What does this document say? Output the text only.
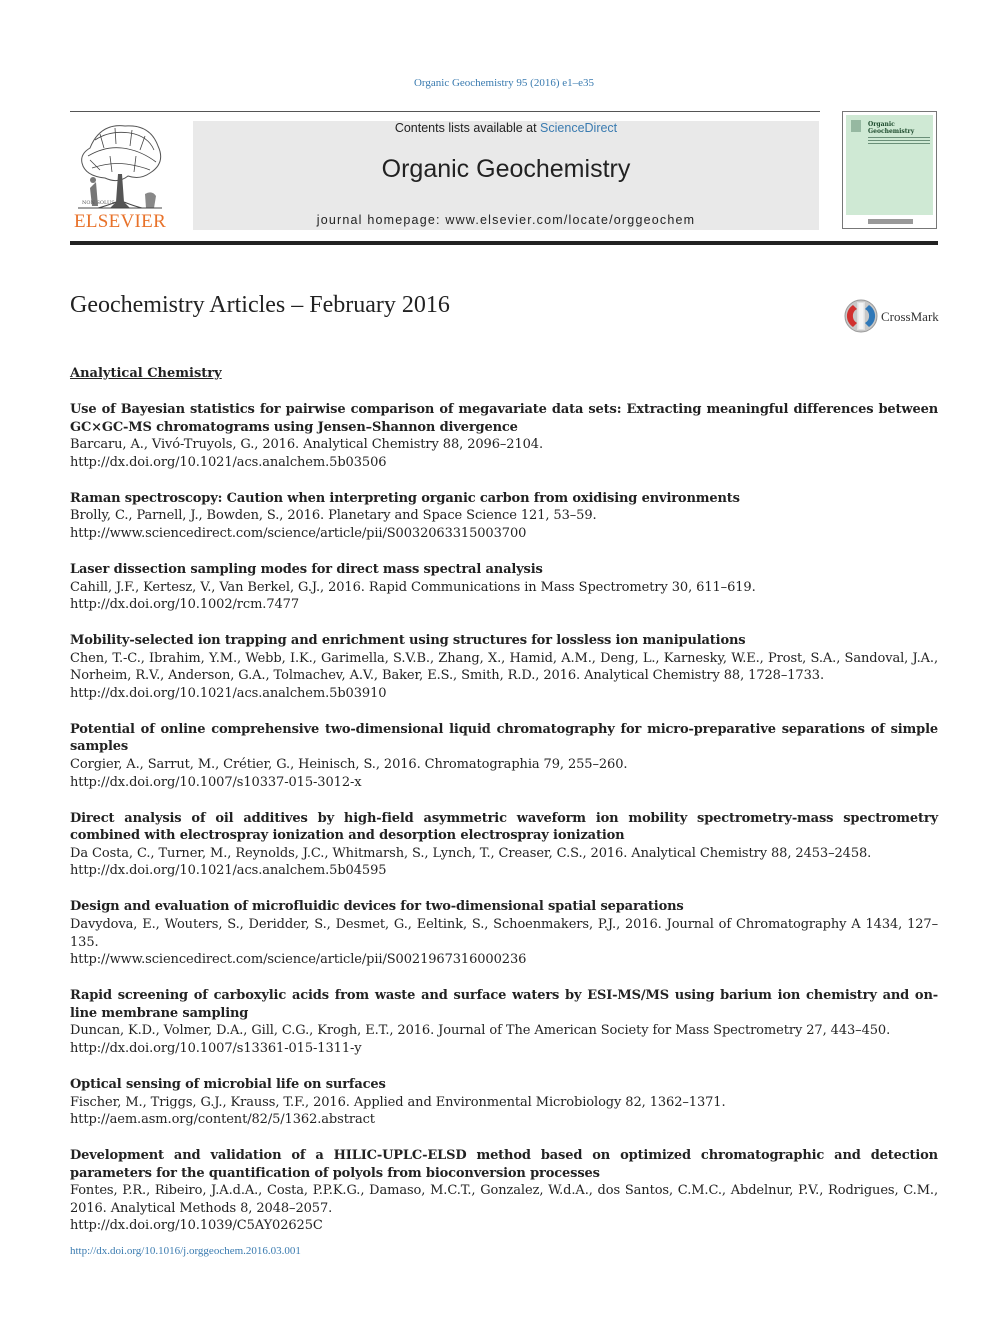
Organic Geochemistry 95 (2016) e1–e35
NON SOLUS
ELSEVIER
Contents lists available at ScienceDirect
Organic Geochemistry
journal homepage: www.elsevier.com/locate/orggeochem
Organic Geochemistry
Geochemistry Articles – February 2016	CrossMark
Analytical Chemistry
Use of Bayesian statistics for pairwise comparison of megavariate data sets: Extracting meaningful differences between GC×GC-MS chromatograms using Jensen–Shannon divergence
Barcaru, A., Vivó-Truyols, G., 2016. Analytical Chemistry 88, 2096–2104.
http://dx.doi.org/10.1021/acs.analchem.5b03506
Raman spectroscopy: Caution when interpreting organic carbon from oxidising environments
Brolly, C., Parnell, J., Bowden, S., 2016. Planetary and Space Science 121, 53–59.
http://www.sciencedirect.com/science/article/pii/S0032063315003700
Laser dissection sampling modes for direct mass spectral analysis
Cahill, J.F., Kertesz, V., Van Berkel, G.J., 2016. Rapid Communications in Mass Spectrometry 30, 611–619.
http://dx.doi.org/10.1002/rcm.7477
Mobility-selected ion trapping and enrichment using structures for lossless ion manipulations
Chen, T.-C., Ibrahim, Y.M., Webb, I.K., Garimella, S.V.B., Zhang, X., Hamid, A.M., Deng, L., Karnesky, W.E., Prost, S.A., Sandoval, J.A., Norheim, R.V., Anderson, G.A., Tolmachev, A.V., Baker, E.S., Smith, R.D., 2016. Analytical Chemistry 88, 1728–1733.
http://dx.doi.org/10.1021/acs.analchem.5b03910
Potential of online comprehensive two-dimensional liquid chromatography for micro-preparative separations of simple samples
Corgier, A., Sarrut, M., Crétier, G., Heinisch, S., 2016. Chromatographia 79, 255–260.
http://dx.doi.org/10.1007/s10337-015-3012-x
Direct analysis of oil additives by high-field asymmetric waveform ion mobility spectrometry-mass spectrometry combined with electrospray ionization and desorption electrospray ionization
Da Costa, C., Turner, M., Reynolds, J.C., Whitmarsh, S., Lynch, T., Creaser, C.S., 2016. Analytical Chemistry 88, 2453–2458.
http://dx.doi.org/10.1021/acs.analchem.5b04595
Design and evaluation of microfluidic devices for two-dimensional spatial separations
Davydova, E., Wouters, S., Deridder, S., Desmet, G., Eeltink, S., Schoenmakers, P.J., 2016. Journal of Chromatography A 1434, 127–135.
http://www.sciencedirect.com/science/article/pii/S0021967316000236
Rapid screening of carboxylic acids from waste and surface waters by ESI-MS/MS using barium ion chemistry and on-line membrane sampling
Duncan, K.D., Volmer, D.A., Gill, C.G., Krogh, E.T., 2016. Journal of The American Society for Mass Spectrometry 27, 443–450.
http://dx.doi.org/10.1007/s13361-015-1311-y
Optical sensing of microbial life on surfaces
Fischer, M., Triggs, G.J., Krauss, T.F., 2016. Applied and Environmental Microbiology 82, 1362–1371.
http://aem.asm.org/content/82/5/1362.abstract
Development and validation of a HILIC-UPLC-ELSD method based on optimized chromatographic and detection parameters for the quantification of polyols from bioconversion processes
Fontes, P.R., Ribeiro, J.A.d.A., Costa, P.P.K.G., Damaso, M.C.T., Gonzalez, W.d.A., dos Santos, C.M.C., Abdelnur, P.V., Rodrigues, C.M., 2016. Analytical Methods 8, 2048–2057.
http://dx.doi.org/10.1039/C5AY02625C
http://dx.doi.org/10.1016/j.orggeochem.2016.03.001
